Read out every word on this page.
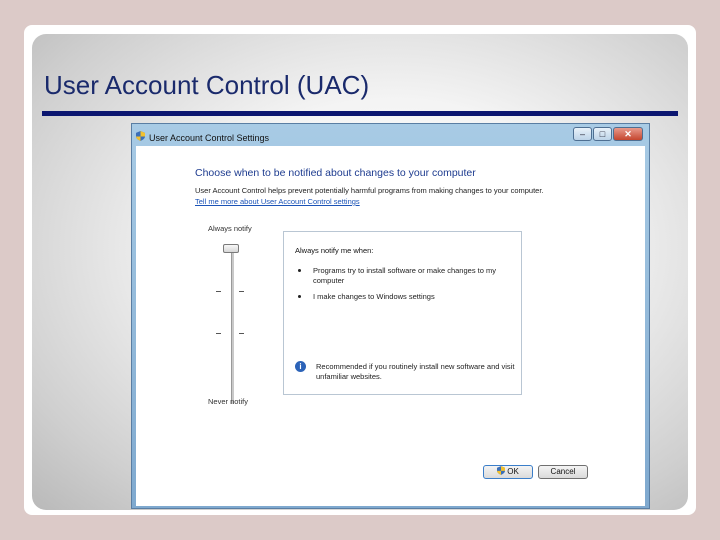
User Account Control (UAC)
User Account Control Settings	–	□	✕
Choose when to be notified about changes to your computer
User Account Control helps prevent potentially harmful programs from making changes to your computer.
Tell me more about User Account Control settings
Always notify
Never notify
Always notify me when:
Programs try to install software or make changes to my computer
I make changes to Windows settings
i	Recommended if you routinely install new software and visit unfamiliar websites.
OK	Cancel
